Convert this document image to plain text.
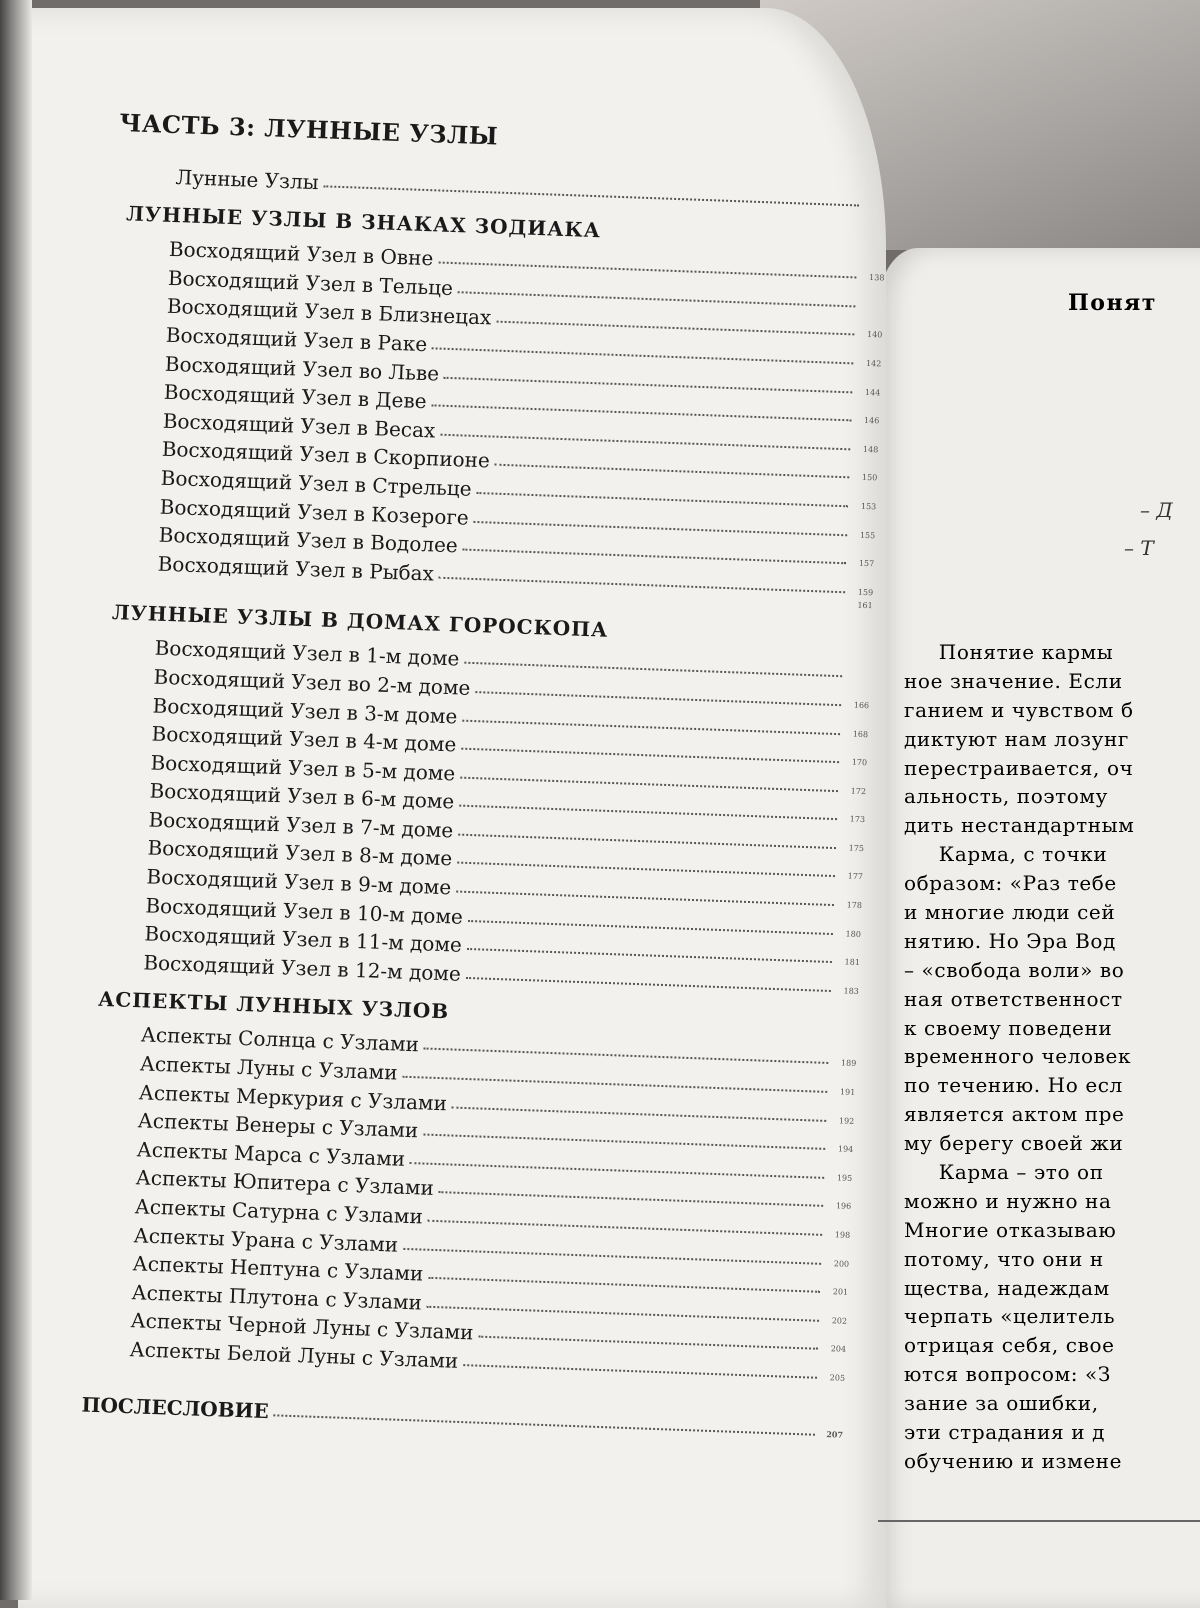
ЧАСТЬ 3: ЛУННЫЕ УЗЛЫ
Лунные Узлы
ЛУННЫЕ УЗЛЫ В ЗНАКАХ ЗОДИАКА
Восходящий Узел в Овне
138
Восходящий Узел в Тельце
Восходящий Узел в Близнецах
140
Восходящий Узел в Раке
142
Восходящий Узел во Льве
144
Восходящий Узел в Деве
146
Восходящий Узел в Весах
148
Восходящий Узел в Скорпионе
150
Восходящий Узел в Стрельце
153
Восходящий Узел в Козероге
155
Восходящий Узел в Водолее
157
Восходящий Узел в Рыбах
159
161
ЛУННЫЕ УЗЛЫ В ДОМАХ ГОРОСКОПА
Восходящий Узел в 1-м доме
Восходящий Узел во 2-м доме
166
Восходящий Узел в 3-м доме
168
Восходящий Узел в 4-м доме
170
Восходящий Узел в 5-м доме
172
Восходящий Узел в 6-м доме
173
Восходящий Узел в 7-м доме
175
Восходящий Узел в 8-м доме
177
Восходящий Узел в 9-м доме
178
Восходящий Узел в 10-м доме
180
Восходящий Узел в 11-м доме
181
Восходящий Узел в 12-м доме
183
АСПЕКТЫ ЛУННЫХ УЗЛОВ
Аспекты Солнца с Узлами
189
Аспекты Луны с Узлами
191
Аспекты Меркурия с Узлами
192
Аспекты Венеры с Узлами
194
Аспекты Марса с Узлами
195
Аспекты Юпитера с Узлами
196
Аспекты Сатурна с Узлами
198
Аспекты Урана с Узлами
200
Аспекты Нептуна с Узлами
201
Аспекты Плутона с Узлами
202
Аспекты Черной Луны с Узлами
204
Аспекты Белой Луны с Узлами
205
ПОСЛЕСЛОВИЕ
207
Понят
– Д
– Т
Понятие кармы
ное значение. Если
ганием и чувством б
диктуют нам лозунг
перестраивается, оч
альность, поэтому
дить нестандартным
Карма, с точки
образом: «Раз тебе
и многие люди сей
нятию. Но Эра Вод
– «свобода воли» во
ная ответственност
к своему поведени
временного человек
по течению. Но есл
является актом пре
му берегу своей жи
Карма – это оп
можно и нужно на
Многие отказываю
потому, что они н
щества, надеждам
черпать «целитель
отрицая себя, свое
ются вопросом: «З
зание за ошибки,
эти страдания и д
обучению и измене
